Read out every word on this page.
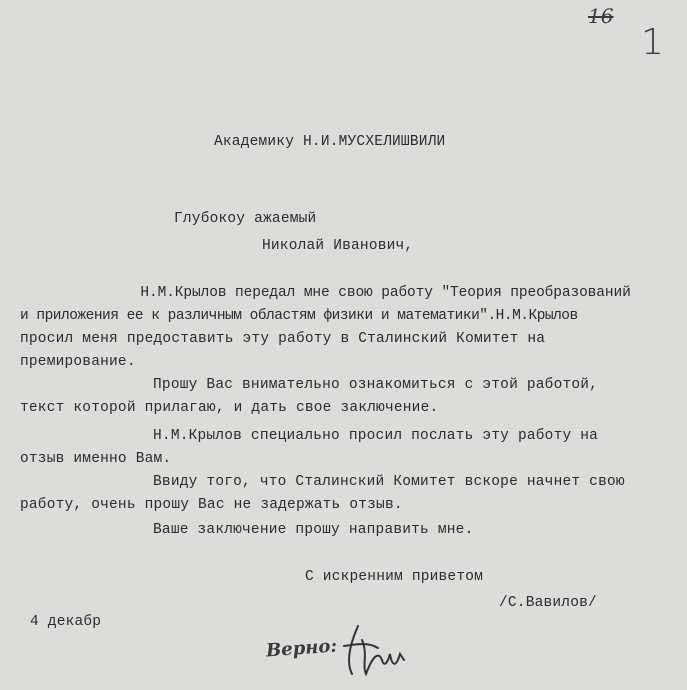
16
1
Академику Н.И.МУСХЕЛИШВИЛИ
Глубокоу ажаемый
Николай Иванович,
Н.М.Крылов передал мне свою работу "Теория преобразований
и приложения ее к различным областям физики и математики".Н.М.Крылов
просил меня предоставить эту работу в Сталинский Комитет на
премирование.
Прошу Вас внимательно ознакомиться с этой работой,
текст которой прилагаю, и дать свое заключение.
Н.М.Крылов специально просил послать эту работу на
отзыв именно Вам.
Ввиду того, что Сталинский Комитет вскоре начнет свою
работу, очень прошу Вас не задержать отзыв.
Ваше заключение прошу направить мне.
С искренним приветом
/С.Вавилов/
4 декабр
Верно:
